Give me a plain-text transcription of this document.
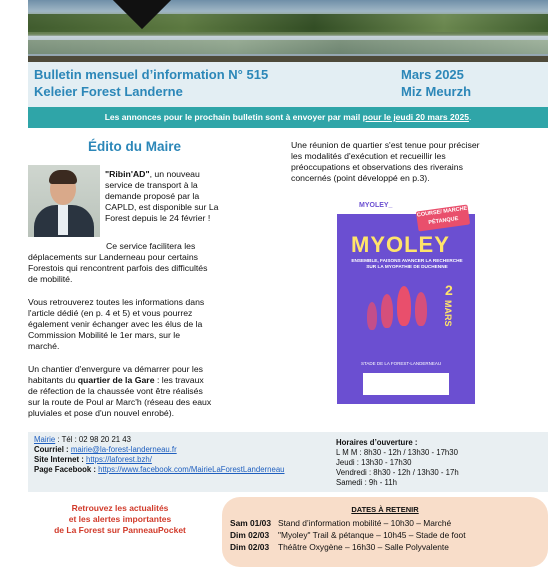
Bulletin mensuel d’information N° 515
Keleier Forest Landerne
Mars 2025
Miz Meurzh
Les annonces pour le prochain bulletin sont à envoyer par mail pour le jeudi 20 mars 2025.
Édito du Maire
"Ribin'AD", un nouveau
service de transport à la
demande proposé par la
CAPLD, est disponible sur La
Forest depuis le 24 février !
Ce service facilitera les
déplacements sur Landerneau pour certains
Forestois qui rencontrent parfois des difficultés
de mobilité.
Vous retrouverez toutes les informations dans
l'article dédié (en p. 4 et 5) et vous pourrez
également venir échanger avec les élus de la
Commission Mobilité le 1er mars, sur le
marché.
Un chantier d'envergure va démarrer pour les
habitants du quartier de la Gare : les travaux
de réfection de la chaussée vont être réalisés
sur la route de Poul ar Marc'h (réseau des eaux
pluviales et pose d'un nouvel enrobé).
Une réunion de quartier s'est tenue pour préciser
les modalités d'exécution et recueillir les
préoccupations et observations des riverains
concernés (point développé en p.3).
MYOLEY_
COURSE/ MARCHE PÉTANQUE
MYOLEY
ENSEMBLE, FAISONS AVANCER LA RECHERCHE SUR LA MYOPATHIE DE DUCHENNE
2
MARS
STADE DE LA FOREST-LANDERNEAU
Mairie : Tél : 02 98 20 21 43
Courriel : mairie@la-forest-landerneau.fr
Site Internet : https://laforest.bzh/
Page Facebook : https://www.facebook.com/MairieLaForestLanderneau
Horaires d’ouverture :
L M M : 8h30 - 12h / 13h30 - 17h30
Jeudi : 13h30 - 17h30
Vendredi : 8h30 - 12h / 13h30 - 17h
Samedi : 9h - 11h
Retrouvez les actualités
et les alertes importantes
de La Forest sur PanneauPocket
DATES À RETENIR
Sam 01/03 Stand d’information mobilité – 10h30 – Marché
Dim 02/03 "Myoley" Trail & pétanque – 10h45 – Stade de foot
Dim 02/03 Théâtre Oxygène – 16h30 – Salle Polyvalente
